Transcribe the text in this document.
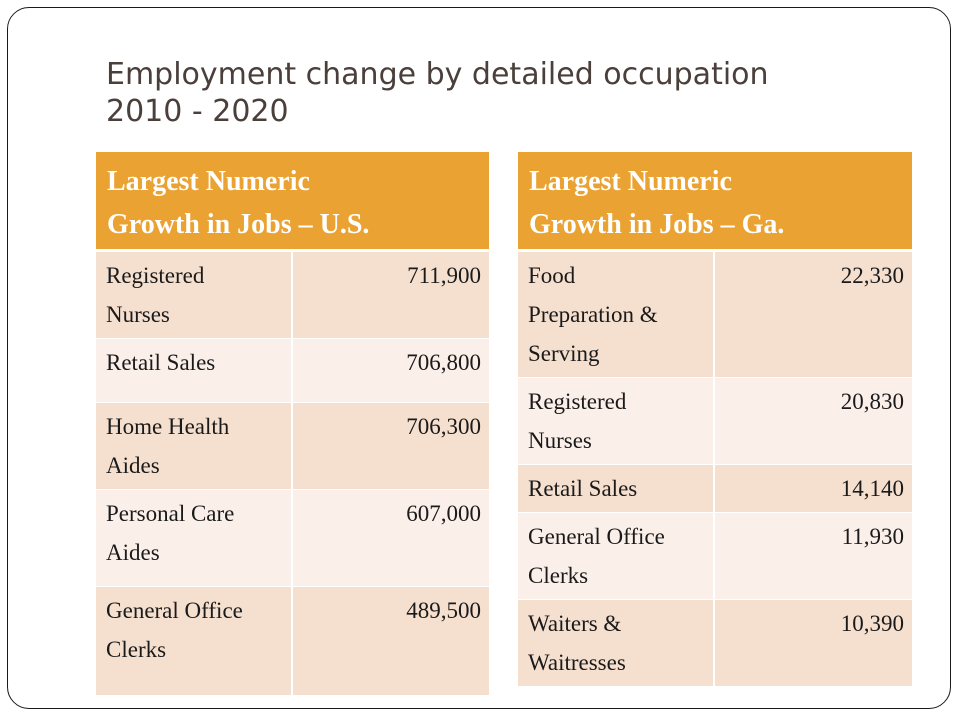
Employment change by detailed occupation
2010 - 2020
Largest Numeric
Growth in Jobs – U.S.	
Registered
Nurses	711,900
Retail Sales	706,800
Home Health
Aides	706,300
Personal Care
Aides	607,000
General Office
Clerks	489,500
Largest Numeric
Growth in Jobs – Ga.	
Food
Preparation &
Serving	22,330
Registered
Nurses	20,830
Retail Sales	14,140
General Office
Clerks	11,930
Waiters &
Waitresses	10,390
